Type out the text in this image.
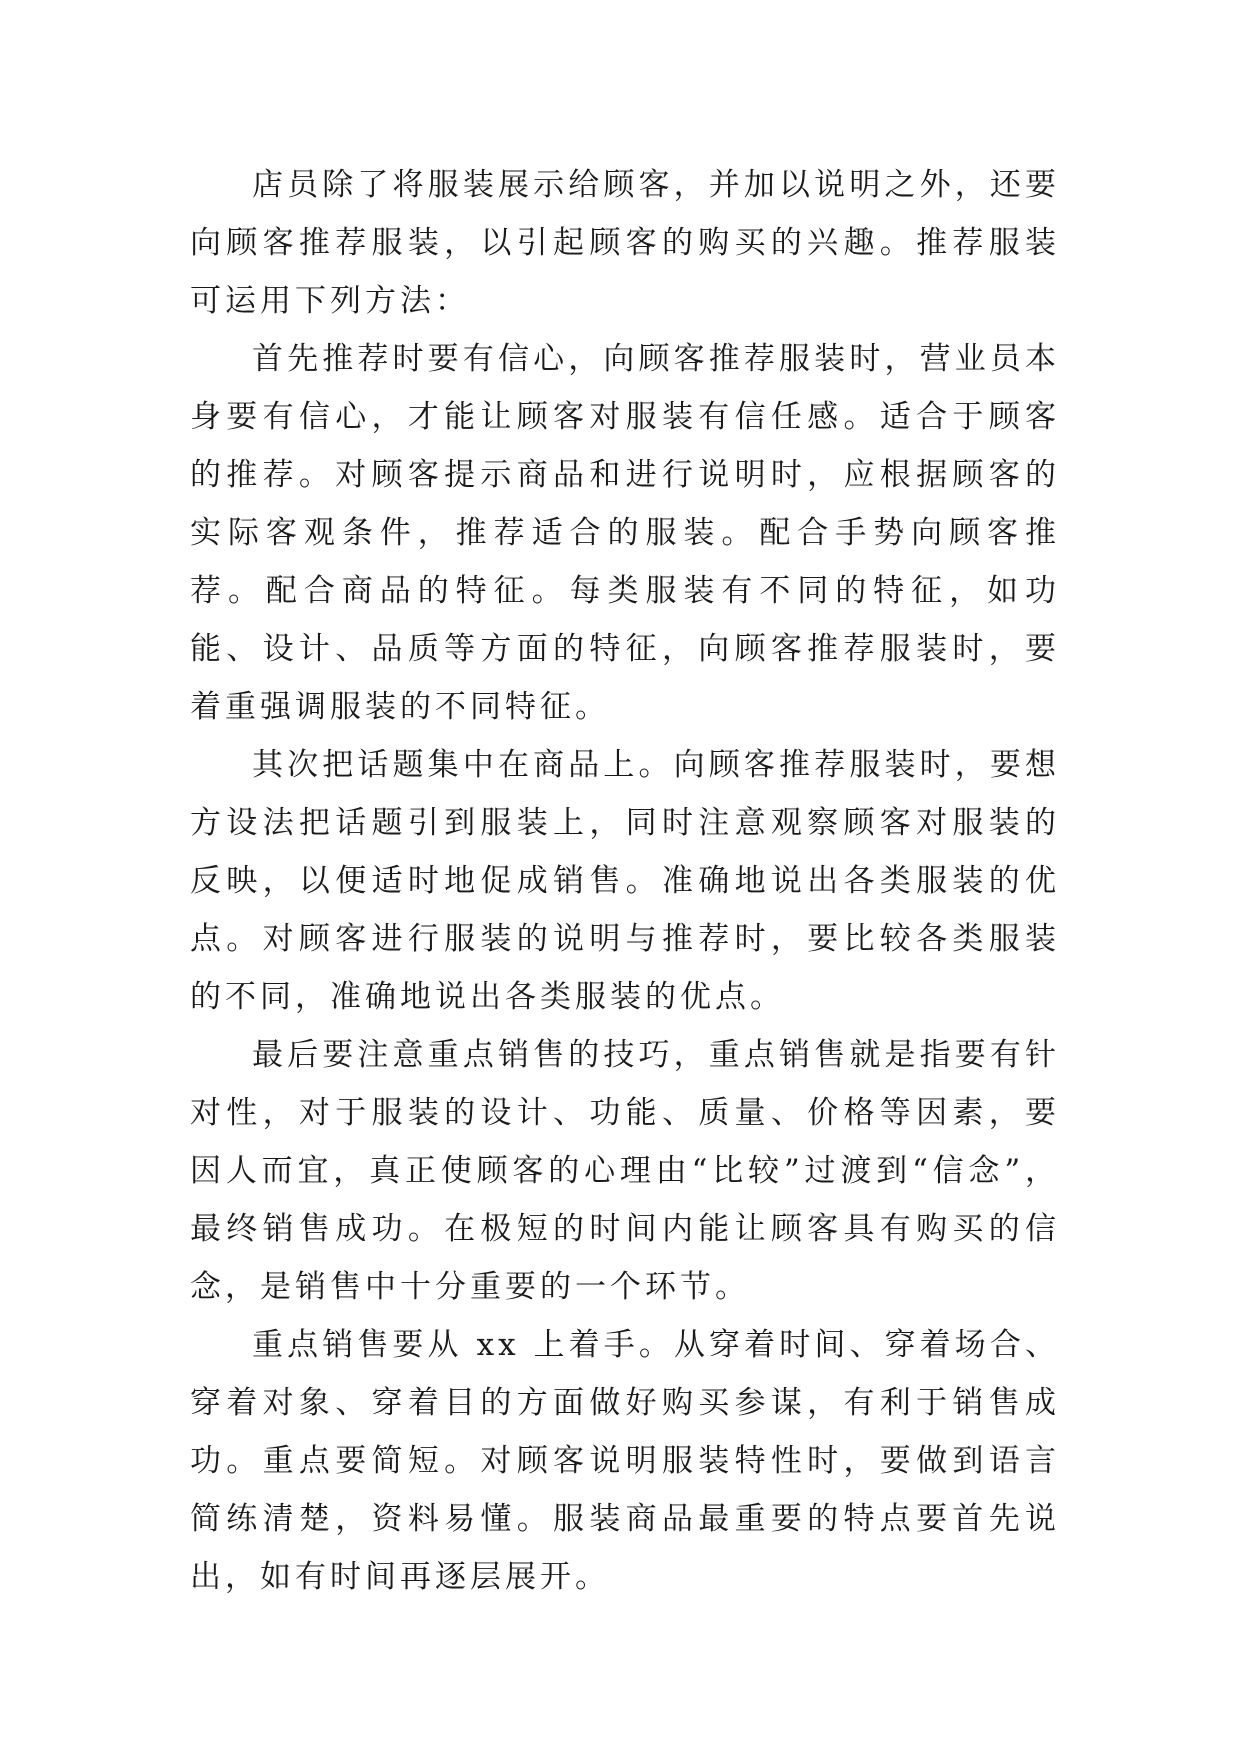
店员除了将服装展示给顾客，并加以说明之外，还要向顾客推荐服装，以引起顾客的购买的兴趣。推荐服装可运用下列方法：

首先推荐时要有信心，向顾客推荐服装时，营业员本身要有信心，才能让顾客对服装有信任感。适合于顾客的推荐。对顾客提示商品和进行说明时，应根据顾客的实际客观条件，推荐适合的服装。配合手势向顾客推荐。配合商品的特征。每类服装有不同的特征，如功能、设计、品质等方面的特征，向顾客推荐服装时，要着重强调服装的不同特征。

其次把话题集中在商品上。向顾客推荐服装时，要想方设法把话题引到服装上，同时注意观察顾客对服装的反映，以便适时地促成销售。准确地说出各类服装的优点。对顾客进行服装的说明与推荐时，要比较各类服装的不同，准确地说出各类服装的优点。

最后要注意重点销售的技巧，重点销售就是指要有针对性，对于服装的设计、功能、质量、价格等因素，要因人而宜，真正使顾客的心理由“比较”过渡到“信念”，最终销售成功。在极短的时间内能让顾客具有购买的信念，是销售中十分重要的一个环节。

重点销售要从 xx 上着手。从穿着时间、穿着场合、穿着对象、穿着目的方面做好购买参谋，有利于销售成功。重点要简短。对顾客说明服装特性时，要做到语言简练清楚，资料易懂。服装商品最重要的特点要首先说出，如有时间再逐层展开。
